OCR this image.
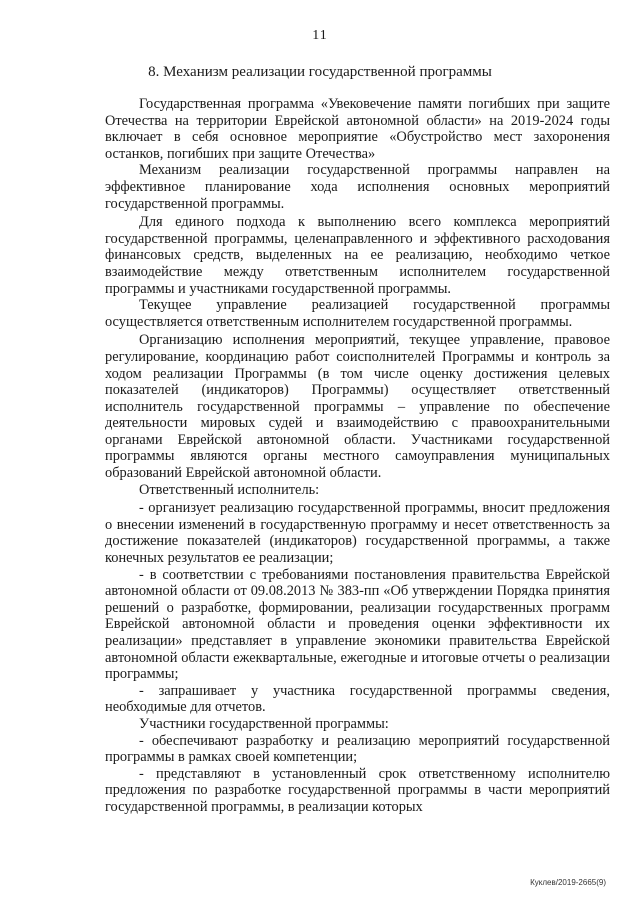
11
8. Механизм реализации государственной программы

Государственная программа «Увековечение памяти погибших при защите Отечества на территории Еврейской автономной области» на 2019-2024 годы включает в себя основное мероприятие «Обустройство мест захоронения останков, погибших при защите Отечества»

Механизм реализации государственной программы направлен на эффективное планирование хода исполнения основных мероприятий государственной программы.

Для единого подхода к выполнению всего комплекса мероприятий государственной программы, целенаправленного и эффективного расходования финансовых средств, выделенных на ее реализацию, необходимо четкое взаимодействие между ответственным исполнителем государственной программы и участниками государственной программы.

Текущее управление реализацией государственной программы осуществляется ответственным исполнителем государственной программы.

Организацию исполнения мероприятий, текущее управление, правовое регулирование, координацию работ соисполнителей Программы и контроль за ходом реализации Программы (в том числе оценку достижения целевых показателей (индикаторов) Программы) осуществляет ответственный исполнитель государственной программы – управление по обеспечение деятельности мировых судей и взаимодействию с правоохранительными органами Еврейской автономной области. Участниками государственной программы являются органы местного самоуправления муниципальных образований Еврейской автономной области.

Ответственный исполнитель:

- организует реализацию государственной программы, вносит предложения о внесении изменений в государственную программу и несет ответственность за достижение показателей (индикаторов) государственной программы, а также конечных результатов ее реализации;

- в соответствии с требованиями постановления правительства Еврейской автономной области от 09.08.2013 № 383-пп «Об утверждении Порядка принятия решений о разработке, формировании, реализации государственных программ Еврейской автономной области и проведения оценки эффективности их реализации» представляет в управление экономики правительства Еврейской автономной области ежеквартальные, ежегодные и итоговые отчеты о реализации программы;

- запрашивает у участника государственной программы сведения, необходимые для отчетов.

Участники государственной программы:

- обеспечивают разработку и реализацию мероприятий государственной программы в рамках своей компетенции;

- представляют в установленный срок ответственному исполнителю предложения по разработке государственной программы в части мероприятий государственной программы, в реализации которых

Куклев/2019-2665(9)
